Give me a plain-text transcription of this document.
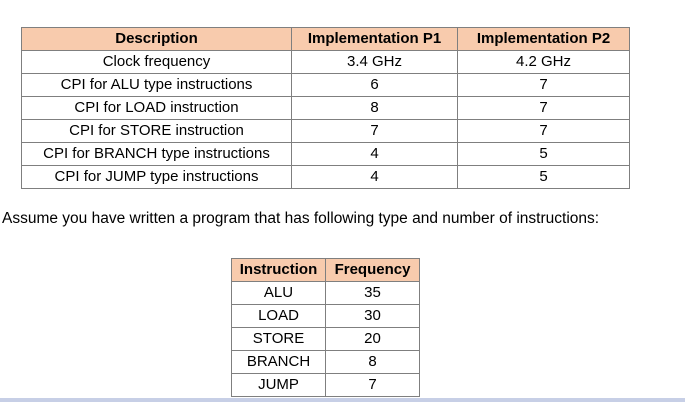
Description	Implementation P1	Implementation P2
Clock frequency	3.4 GHz	4.2 GHz
CPI for ALU type instructions	6	7
CPI for LOAD instruction	8	7
CPI for STORE instruction	7	7
CPI for BRANCH type instructions	4	5
CPI for JUMP type instructions	4	5

Assume you have written a program that has following type and number of instructions:

Instruction	Frequency
ALU	35
LOAD	30
STORE	20
BRANCH	8
JUMP	7
